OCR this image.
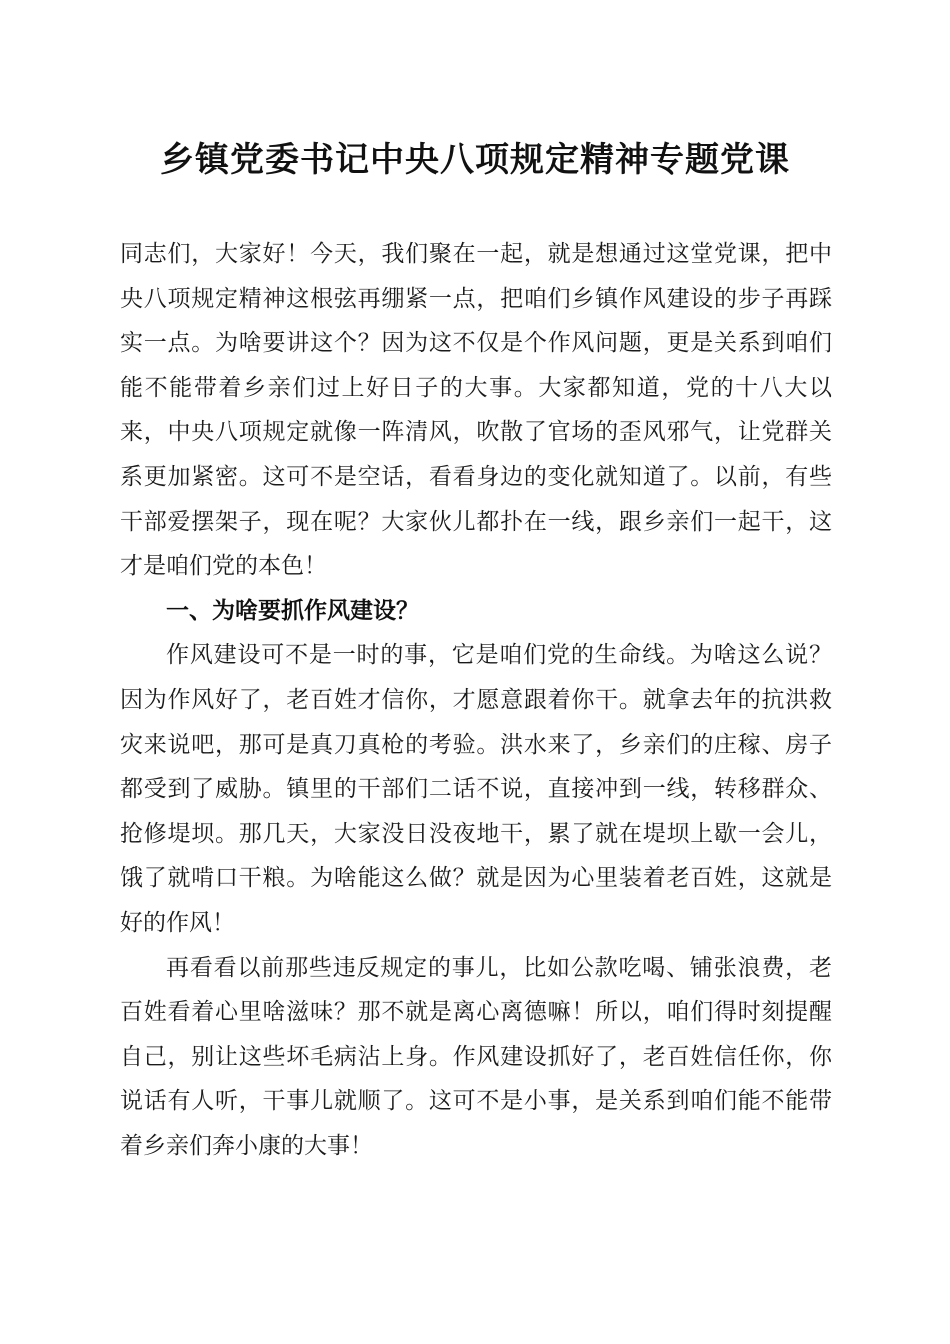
乡镇党委书记中央八项规定精神专题党课

同志们，大家好！今天，我们聚在一起，就是想通过这堂党课，把中央八项规定精神这根弦再绷紧一点，把咱们乡镇作风建设的步子再踩实一点。为啥要讲这个？因为这不仅是个作风问题，更是关系到咱们能不能带着乡亲们过上好日子的大事。大家都知道，党的十八大以来，中央八项规定就像一阵清风，吹散了官场的歪风邪气，让党群关系更加紧密。这可不是空话，看看身边的变化就知道了。以前，有些干部爱摆架子，现在呢？大家伙儿都扑在一线，跟乡亲们一起干，这才是咱们党的本色！

一、为啥要抓作风建设？

作风建设可不是一时的事，它是咱们党的生命线。为啥这么说？因为作风好了，老百姓才信你，才愿意跟着你干。就拿去年的抗洪救灾来说吧，那可是真刀真枪的考验。洪水来了，乡亲们的庄稼、房子都受到了威胁。镇里的干部们二话不说，直接冲到一线，转移群众、抢修堤坝。那几天，大家没日没夜地干，累了就在堤坝上歇一会儿，饿了就啃口干粮。为啥能这么做？就是因为心里装着老百姓，这就是好的作风！

再看看以前那些违反规定的事儿，比如公款吃喝、铺张浪费，老百姓看着心里啥滋味？那不就是离心离德嘛！所以，咱们得时刻提醒自己，别让这些坏毛病沾上身。作风建设抓好了，老百姓信任你，你说话有人听，干事儿就顺了。这可不是小事，是关系到咱们能不能带着乡亲们奔小康的大事！
